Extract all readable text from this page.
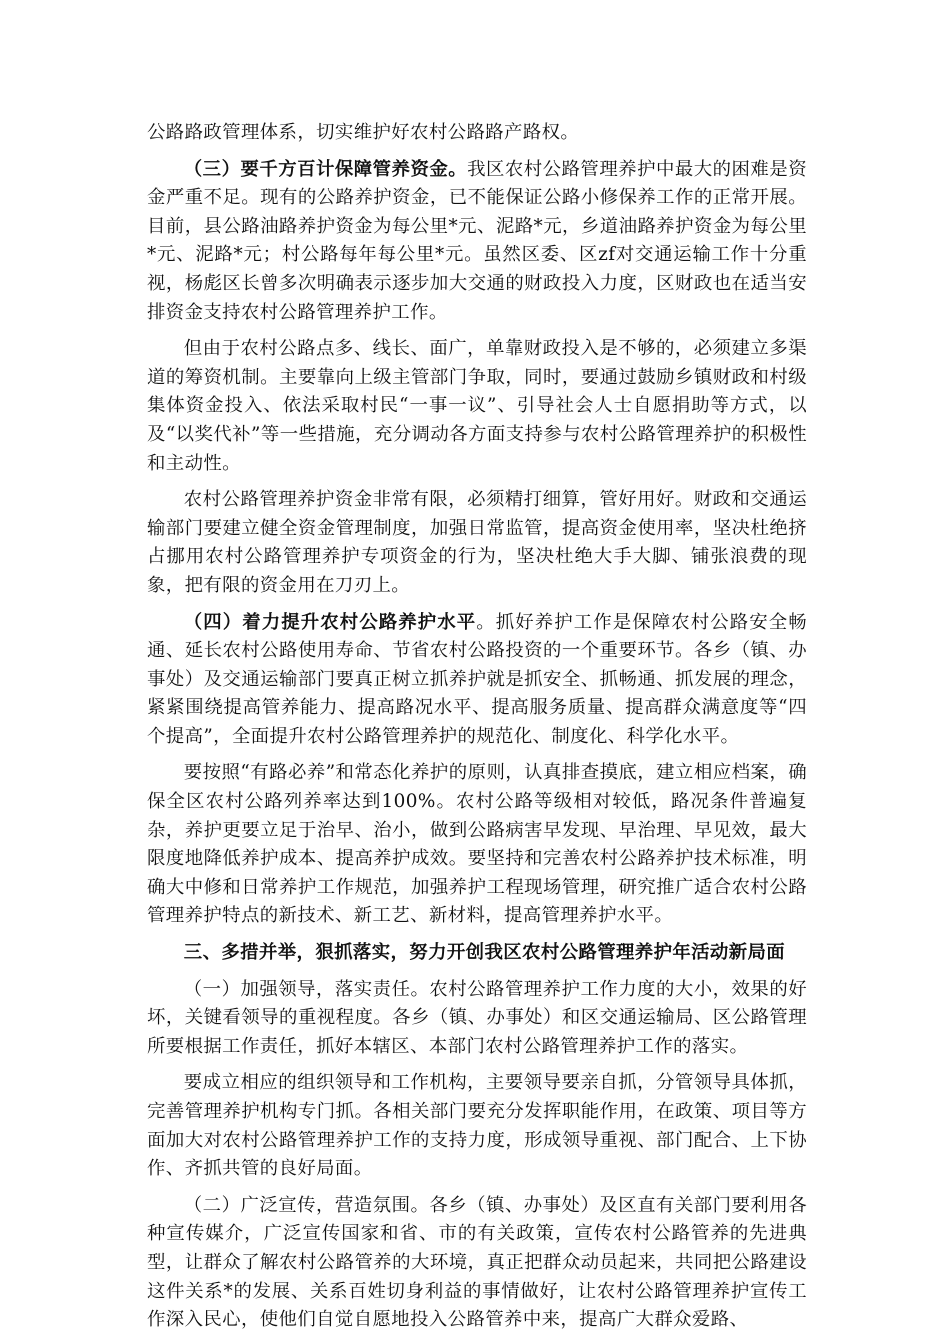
公路路政管理体系，切实维护好农村公路路产路权。

（三）要千方百计保障管养资金。我区农村公路管理养护中最大的困难是资金严重不足。现有的公路养护资金，已不能保证公路小修保养工作的正常开展。目前，县公路油路养护资金为每公里*元、泥路*元，乡道油路养护资金为每公里*元、泥路*元；村公路每年每公里*元。虽然区委、区zf对交通运输工作十分重视，杨彪区长曾多次明确表示逐步加大交通的财政投入力度，区财政也在适当安排资金支持农村公路管理养护工作。

但由于农村公路点多、线长、面广，单靠财政投入是不够的，必须建立多渠道的筹资机制。主要靠向上级主管部门争取，同时，要通过鼓励乡镇财政和村级集体资金投入、依法采取村民“一事一议”、引导社会人士自愿捐助等方式，以及“以奖代补”等一些措施，充分调动各方面支持参与农村公路管理养护的积极性和主动性。

农村公路管理养护资金非常有限，必须精打细算，管好用好。财政和交通运输部门要建立健全资金管理制度，加强日常监管，提高资金使用率，坚决杜绝挤占挪用农村公路管理养护专项资金的行为，坚决杜绝大手大脚、铺张浪费的现象，把有限的资金用在刀刃上。

（四）着力提升农村公路养护水平。抓好养护工作是保障农村公路安全畅通、延长农村公路使用寿命、节省农村公路投资的一个重要环节。各乡（镇、办事处）及交通运输部门要真正树立抓养护就是抓安全、抓畅通、抓发展的理念，紧紧围绕提高管养能力、提高路况水平、提高服务质量、提高群众满意度等“四个提高”，全面提升农村公路管理养护的规范化、制度化、科学化水平。

要按照“有路必养”和常态化养护的原则，认真排查摸底，建立相应档案，确保全区农村公路列养率达到100%。农村公路等级相对较低，路况条件普遍复杂，养护更要立足于治早、治小，做到公路病害早发现、早治理、早见效，最大限度地降低养护成本、提高养护成效。要坚持和完善农村公路养护技术标准，明确大中修和日常养护工作规范，加强养护工程现场管理，研究推广适合农村公路管理养护特点的新技术、新工艺、新材料，提高管理养护水平。

三、多措并举，狠抓落实，努力开创我区农村公路管理养护年活动新局面

（一）加强领导，落实责任。农村公路管理养护工作力度的大小，效果的好坏，关键看领导的重视程度。各乡（镇、办事处）和区交通运输局、区公路管理所要根据工作责任，抓好本辖区、本部门农村公路管理养护工作的落实。

要成立相应的组织领导和工作机构，主要领导要亲自抓，分管领导具体抓，完善管理养护机构专门抓。各相关部门要充分发挥职能作用，在政策、项目等方面加大对农村公路管理养护工作的支持力度，形成领导重视、部门配合、上下协作、齐抓共管的良好局面。

（二）广泛宣传，营造氛围。各乡（镇、办事处）及区直有关部门要利用各种宣传媒介，广泛宣传国家和省、市的有关政策，宣传农村公路管养的先进典型，让群众了解农村公路管养的大环境，真正把群众动员起来，共同把公路建设这件关系*的发展、关系百姓切身利益的事情做好，让农村公路管理养护宣传工作深入民心，使他们自觉自愿地投入公路管养中来，提高广大群众爱路、
